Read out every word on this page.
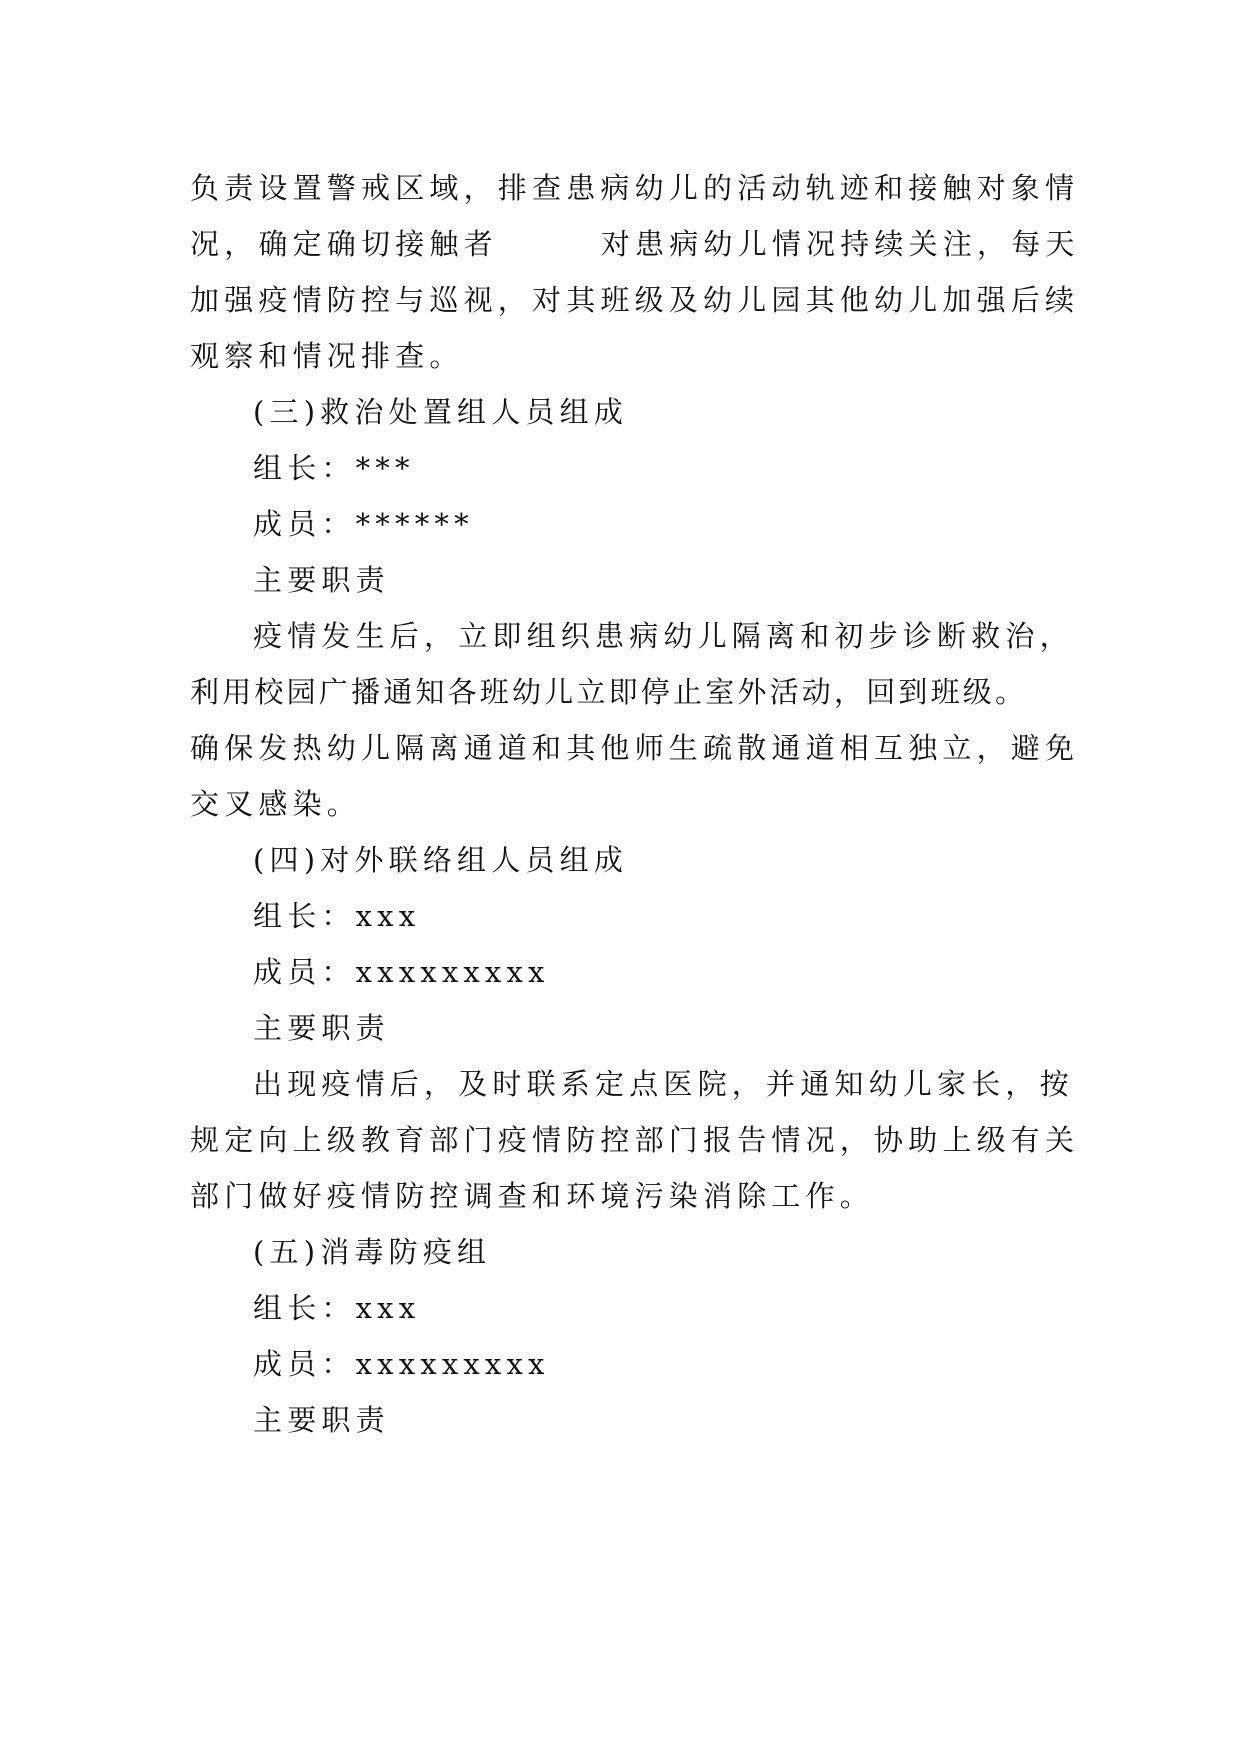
负责设置警戒区域，排查患病幼儿的活动轨迹和接触对象情
况，确定确切接触者	对患病幼儿情况持续关注，每天
加强疫情防控与巡视，对其班级及幼儿园其他幼儿加强后续
观察和情况排查。
(三)救治处置组人员组成
组长：***
成员：******
主要职责
疫情发生后，立即组织患病幼儿隔离和初步诊断救治，
利用校园广播通知各班幼儿立即停止室外活动，回到班级。
确保发热幼儿隔离通道和其他师生疏散通道相互独立，避免
交叉感染。
(四)对外联络组人员组成
组长：xxx
成员：xxxxxxxxx
主要职责
出现疫情后，及时联系定点医院，并通知幼儿家长，按
规定向上级教育部门疫情防控部门报告情况，协助上级有关
部门做好疫情防控调查和环境污染消除工作。
(五)消毒防疫组
组长：xxx
成员：xxxxxxxxx
主要职责
